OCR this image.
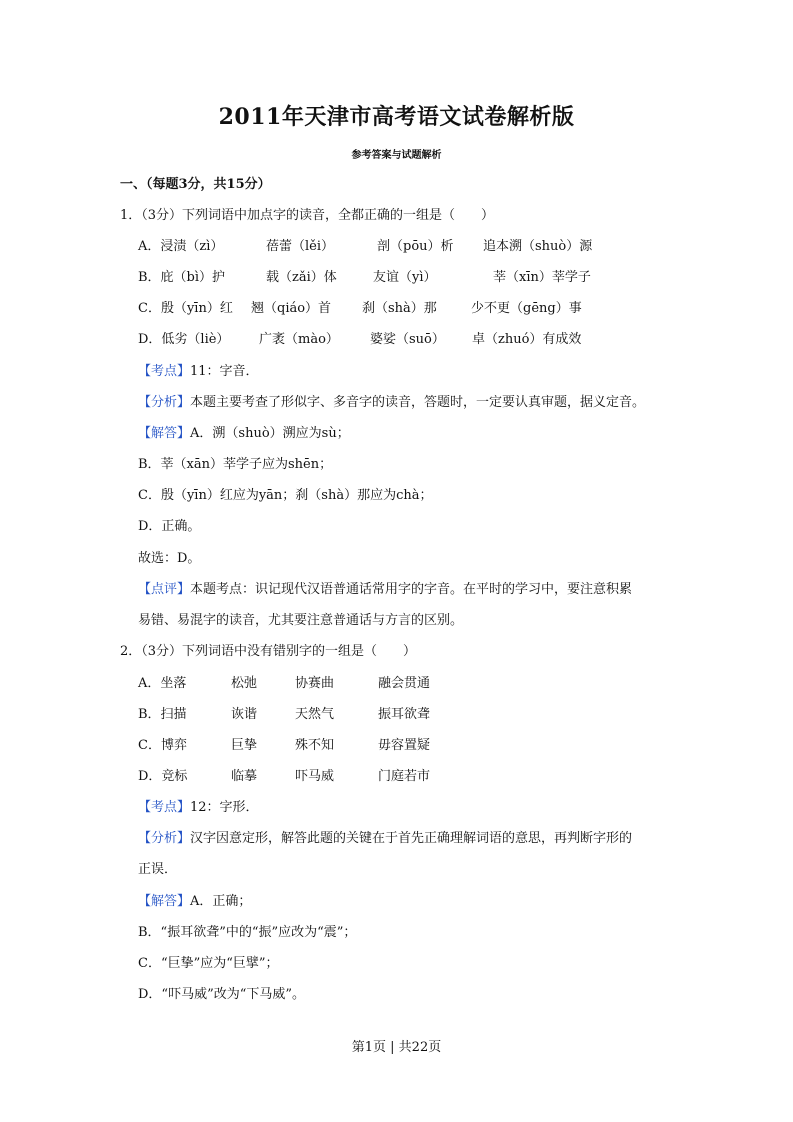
2011年天津市高考语文试卷解析版
参考答案与试题解析
一、（每题3分，共15分）
1．（3分）下列词语中加点字的读音，全都正确的一组是（　　）
A．浸渍（zì）	蓓蕾（lěi）	剖（pōu）析 追本溯（shuò）源
B．庇（bì）护	载（zǎi）体	友谊（yì）	莘（xīn）莘学子
C．殷（yīn）红 翘（qiáo）首 刹（shà）那	少不更（gēng）事
D．低劣（liè） 广袤（mào） 婆娑（suō） 卓（zhuó）有成效
【考点】11：字音．
【分析】本题主要考查了形似字、多音字的读音，答题时，一定要认真审题，据义定音。
【解答】A．溯（shuò）溯应为sù；
B．莘（xān）莘学子应为shēn；
C．殷（yīn）红应为yān；刹（shà）那应为chà；
D．正确。
故选：D。
【点评】本题考点：识记现代汉语普通话常用字的字音。在平时的学习中，要注意积累
易错、易混字的读音，尤其要注意普通话与方言的区别。
2．（3分）下列词语中没有错别字的一组是（　　）
A．坐落	松弛	协赛曲	融会贯通
B．扫描	诙谐	天然气	振耳欲聋
C．博弈	巨挚	殊不知	毋容置疑
D．竞标	临摹	吓马威	门庭若市
【考点】12：字形．
【分析】汉字因意定形，解答此题的关键在于首先正确理解词语的意思，再判断字形的
正误．
【解答】A．正确；
B．“振耳欲聋”中的“振”应改为“震”；
C．“巨挚”应为“巨擘”；
D．“吓马威”改为“下马威”。
第1页 | 共22页
